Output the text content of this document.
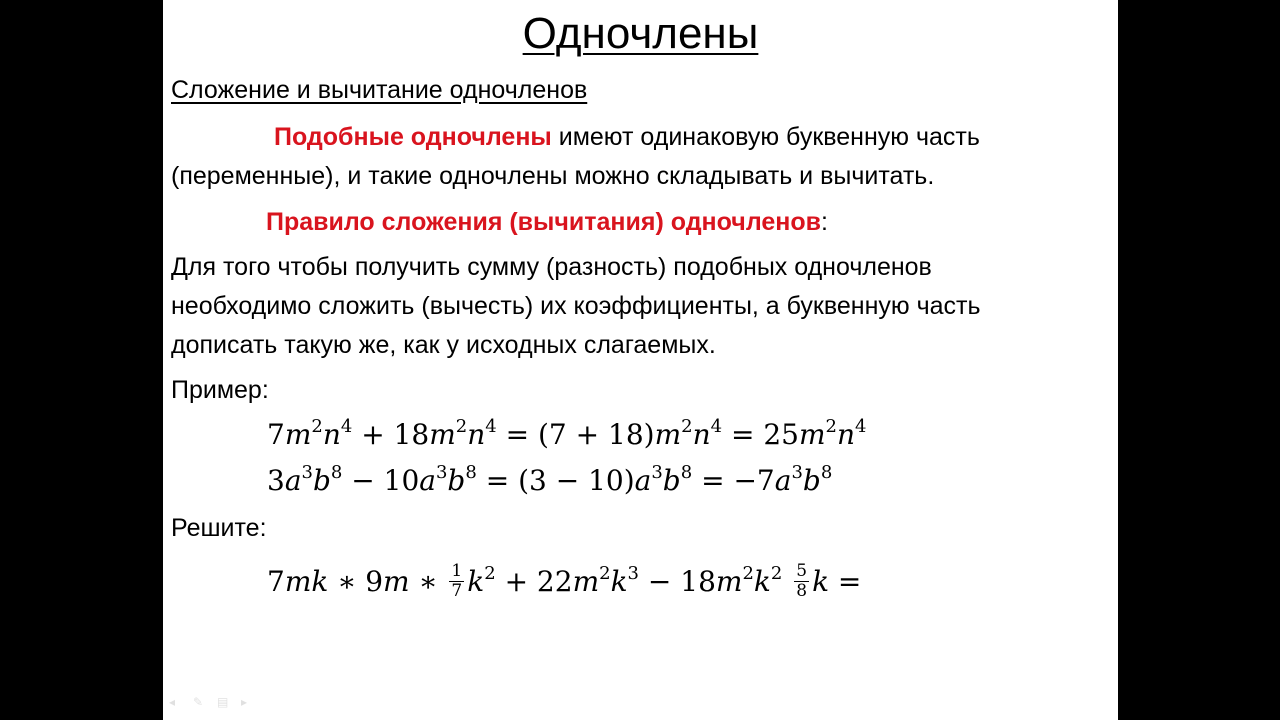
Одночлены
Сложение и вычитание одночленов
Подобные одночлены имеют одинаковую буквенную часть
(переменные), и такие одночлены можно складывать и вычитать.
Правило сложения (вычитания) одночленов:
Для того чтобы получить сумму (разность) подобных одночленов
необходимо сложить (вычесть) их коэффициенты, а буквенную часть
дописать такую же, как у исходных слагаемых.
Пример:
$7m^2n^4 + 18m^2n^4 = (7 + 18)m^2n^4 = 25m^2n^4$
$3a^3b^8 - 10a^3b^8 = (3 - 10)a^3b^8 = -7a^3b^8$
Решите:
7mk ∗ 9m ∗ $\frac{1}{7} k^2 + 22m^2k^3 - 18m^2k^2 \frac{5}{8}$ k =
◂	✎	▤ ▸
